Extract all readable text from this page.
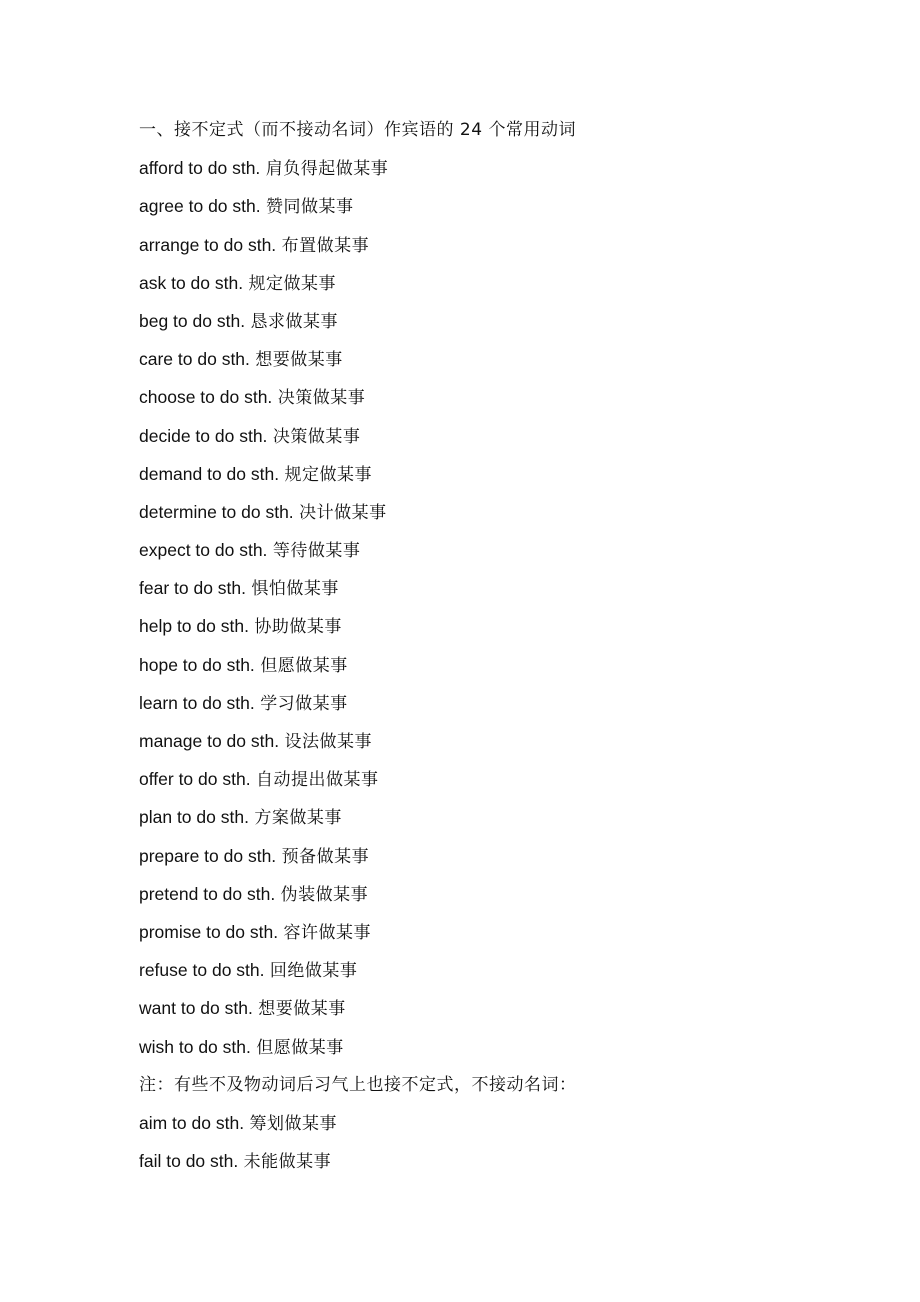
一、接不定式（而不接动名词）作宾语的 24 个常用动词
afford to do sth. 肩负得起做某事
agree to do sth. 赞同做某事
arrange to do sth. 布置做某事
ask to do sth. 规定做某事
beg to do sth. 恳求做某事
care to do sth. 想要做某事
choose to do sth. 决策做某事
decide to do sth. 决策做某事
demand to do sth. 规定做某事
determine to do sth. 决计做某事
expect to do sth. 等待做某事
fear to do sth. 惧怕做某事
help to do sth. 协助做某事
hope to do sth. 但愿做某事
learn to do sth. 学习做某事
manage to do sth. 设法做某事
offer to do sth. 自动提出做某事
plan to do sth. 方案做某事
prepare to do sth. 预备做某事
pretend to do sth. 伪装做某事
promise to do sth. 容许做某事
refuse to do sth. 回绝做某事
want to do sth. 想要做某事
wish to do sth. 但愿做某事
注：有些不及物动词后习气上也接不定式，不接动名词：
aim to do sth. 筹划做某事
fail to do sth. 未能做某事
